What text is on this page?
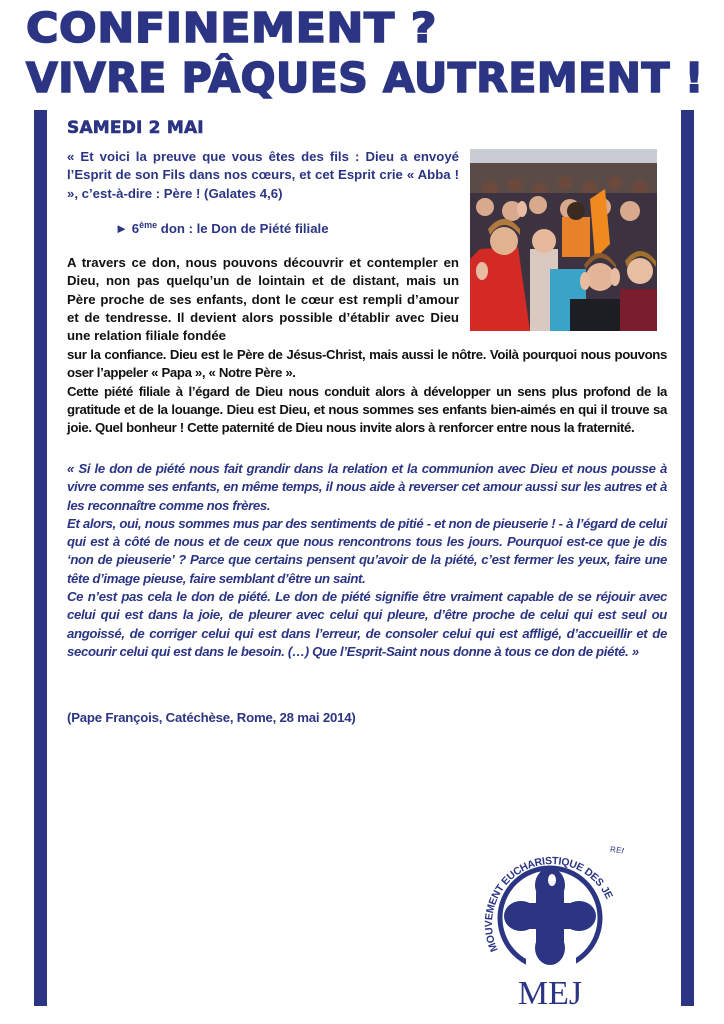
CONFINEMENT ?
VIVRE PÂQUES AUTREMENT !
SAMEDI 2 MAI

« Et voici la preuve que vous êtes des fils : Dieu a envoyé l’Esprit de son Fils dans nos cœurs, et cet Esprit crie « Abba ! », c’est-à-dire : Père ! (Galates 4,6)

► 6ème don : le Don de Piété filiale

A travers ce don, nous pouvons découvrir et contempler en Dieu, non pas quelqu’un de lointain et de distant, mais un Père proche de ses enfants, dont le cœur est rempli d’amour et de tendresse. Il devient alors possible d’établir avec Dieu une relation filiale fondée

sur la confiance. Dieu est le Père de Jésus-Christ, mais aussi le nôtre. Voilà pourquoi nous pouvons oser l’appeler « Papa », « Notre Père ».
Cette piété filiale à l’égard de Dieu nous conduit alors à développer un sens plus profond de la gratitude et de la louange. Dieu est Dieu, et nous sommes ses enfants bien-aimés en qui il trouve sa joie. Quel bonheur ! Cette paternité de Dieu nous invite alors à renforcer entre nous la fraternité.
« Si le don de piété nous fait grandir dans la relation et la communion avec Dieu et nous pousse à vivre comme ses enfants, en même temps, il nous aide à reverser cet amour aussi sur les autres et à les reconnaître comme nos frères.
Et alors, oui, nous sommes mus par des sentiments de pitié - et non de pieuserie ! - à l’égard de celui qui est à côté de nous et de ceux que nous rencontrons tous les jours. Pourquoi est-ce que je dis ‘non de pieuserie’ ? Parce que certains pensent qu’avoir de la piété, c’est fermer les yeux, faire une tête d’image pieuse, faire semblant d’être un saint.
Ce n’est pas cela le don de piété. Le don de piété signifie être vraiment capable de se réjouir avec celui qui est dans la joie, de pleurer avec celui qui pleure, d’être proche de celui qui est seul ou angoissé, de corriger celui qui est dans l’erreur, de consoler celui qui est affligé, d’accueillir et de secourir celui qui est dans le besoin. (…) Que l’Esprit-Saint nous donne à tous ce don de piété. »

(Pape François, Catéchèse, Rome, 28 mai 2014)

MOUVEMENT EUCHARISTIQUE DES JE
RE
MEJ
